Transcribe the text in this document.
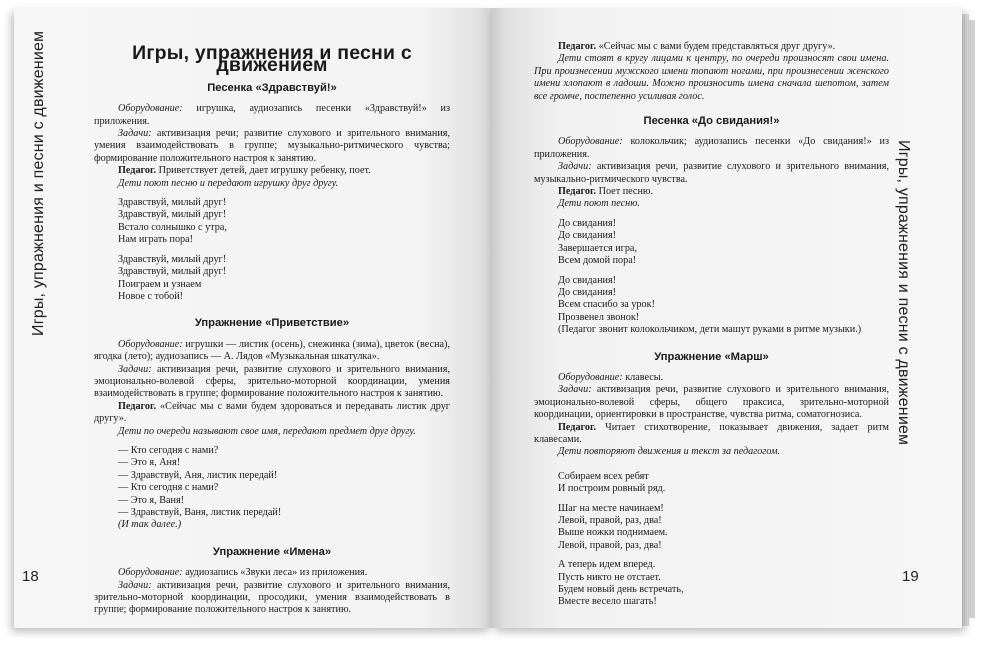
Игры, упражнения и песни с движением
18
Игры, упражнения и песни с движением
Песенка «Здравствуй!»

Оборудование: игрушка, аудиозапись песенки «Здравствуй!» из приложения.

Задачи: активизация речи; развитие слухового и зрительного внимания, умения взаимодействовать в группе; музыкально-ритмического чувства; формирование положительного настроя к занятию.

Педагог. Приветствует детей, дает игрушку ребенку, поет.

Дети поют песню и передают игрушку друг другу.

Здравствуй, милый друг!
Здравствуй, милый друг!
Встало солнышко с утра,
Нам играть пора!
Здравствуй, милый друг!
Здравствуй, милый друг!
Поиграем и узнаем
Новое с тобой!
Упражнение «Приветствие»

Оборудование: игрушки — листик (осень), снежинка (зима), цветок (весна), ягодка (лето); аудиозапись — А. Лядов «Музыкальная шкатулка».

Задачи: активизация речи, развитие слухового и зрительного внимания, эмоционально-волевой сферы, зрительно-моторной координации, умения взаимодействовать в группе; формирование положительного настроя к занятию.

Педагог. «Сейчас мы с вами будем здороваться и передавать листик друг другу».

Дети по очереди называют свое имя, передают предмет друг другу.

— Кто сегодня с нами?
— Это я, Аня!
— Здравствуй, Аня, листик передай!
— Кто сегодня с нами?
— Это я, Ваня!
— Здравствуй, Ваня, листик передай!
(И так далее.)
Упражнение «Имена»

Оборудование: аудиозапись «Звуки леса» из приложения.

Задачи: активизация речи, развитие слухового и зрительного внимания, зрительно-моторной координации, просодики, умения взаимодействовать в группе; формирование положительного настроя к занятию.

Игры, упражнения и песни с движением
19

Педагог. «Сейчас мы с вами будем представляться друг другу».

Дети стоят в кругу лицами к центру, по очереди произносят свои имена. При произнесении мужского имени топают ногами, при произнесении женского имени хлопают в ладоши. Можно произносить имена сначала шепотом, затем все громче, постепенно усиливая голос.

Песенка «До свидания!»

Оборудование: колокольчик; аудиозапись песенки «До свидания!» из приложения.

Задачи: активизация речи, развитие слухового и зрительного внимания, музыкально-ритмического чувства.

Педагог. Поет песню.

Дети поют песню.

До свидания!
До свидания!
Завершается игра,
Всем домой пора!
До свидания!
До свидания!
Всем спасибо за урок!
Прозвенел звонок!
(Педагог звонит колокольчиком, дети машут руками в ритме музыки.)
Упражнение «Марш»

Оборудование: клавесы.

Задачи: активизация речи, развитие слухового и зрительного внимания, эмоционально-волевой сферы, общего праксиса, зрительно-моторной координации, ориентировки в пространстве, чувства ритма, соматогнозиса.

Педагог. Читает стихотворение, показывает движения, задает ритм клавесами.

Дети повторяют движения и текст за педагогом.

Собираем всех ребят
И построим ровный ряд.
Шаг на месте начинаем!
Левой, правой, раз, два!
Выше ножки поднимаем.
Левой, правой, раз, два!
А теперь идем вперед.
Пусть никто не отстает.
Будем новый день встречать,
Вместе весело шагать!
